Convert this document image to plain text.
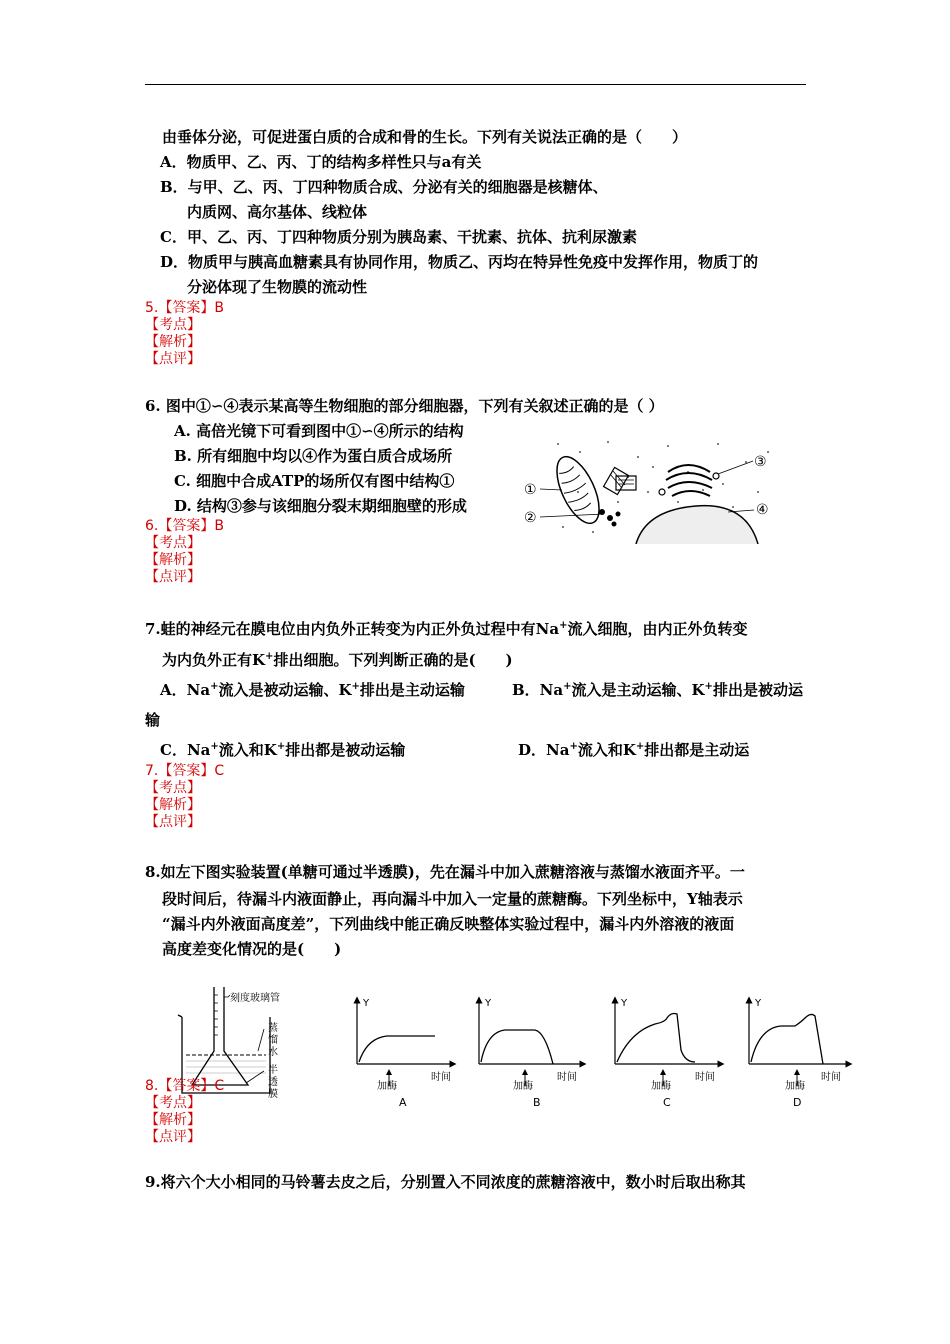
由垂体分泌，可促进蛋白质的合成和骨的生长。下列有关说法正确的是（　　）
A．物质甲、乙、丙、丁的结构多样性只与a有关
B．与甲、乙、丙、丁四种物质合成、分泌有关的细胞器是核糖体、
内质网、高尔基体、线粒体
C．甲、乙、丙、丁四种物质分别为胰岛素、干扰素、抗体、抗利尿激素
D．物质甲与胰高血糖素具有协同作用，物质乙、丙均在特异性免疫中发挥作用，物质丁的
分泌体现了生物膜的流动性
5.【答案】B
【考点】
【解析】
【点评】
6. 图中①∽④表示某高等生物细胞的部分细胞器，下列有关叙述正确的是（ ）
A. 高倍光镜下可看到图中①∽④所示的结构
B. 所有细胞中均以④作为蛋白质合成场所
C. 细胞中合成ATP的场所仅有图中结构①
D. 结构③参与该细胞分裂末期细胞壁的形成
6.【答案】B
【考点】
【解析】
【点评】
①
②
③
④
7.蛙的神经元在膜电位由内负外正转变为内正外负过程中有Na+流入细胞，由内正外负转变
为内负外正有K+排出细胞。下列判断正确的是(　　)
A．Na+流入是被动运输、K+排出是主动运输	B．Na+流入是主动运输、K+排出是被动运
输
C．Na+流入和K+排出都是被动运输	D．Na+流入和K+排出都是主动运
7.【答案】C
【考点】
【解析】
【点评】
8.如左下图实验装置(单糖可通过半透膜)，先在漏斗中加入蔗糖溶液与蒸馏水液面齐平。一
段时间后，待漏斗内液面静止，再向漏斗中加入一定量的蔗糖酶。下列坐标中，Y轴表示
“漏斗内外液面高度差”，下列曲线中能正确反映整体实验过程中，漏斗内外溶液的液面
高度差变化情况的是(　　)
刻度玻璃管
蒸
馏
水
半
透
膜
Y
时间
加酶
A
Y
时间
加酶
B
Y
时间
加酶
C
Y
时间
加酶
D
8.【答案】C
【考点】
【解析】
【点评】
9.将六个大小相同的马铃薯去皮之后，分别置入不同浓度的蔗糖溶液中，数小时后取出称其
